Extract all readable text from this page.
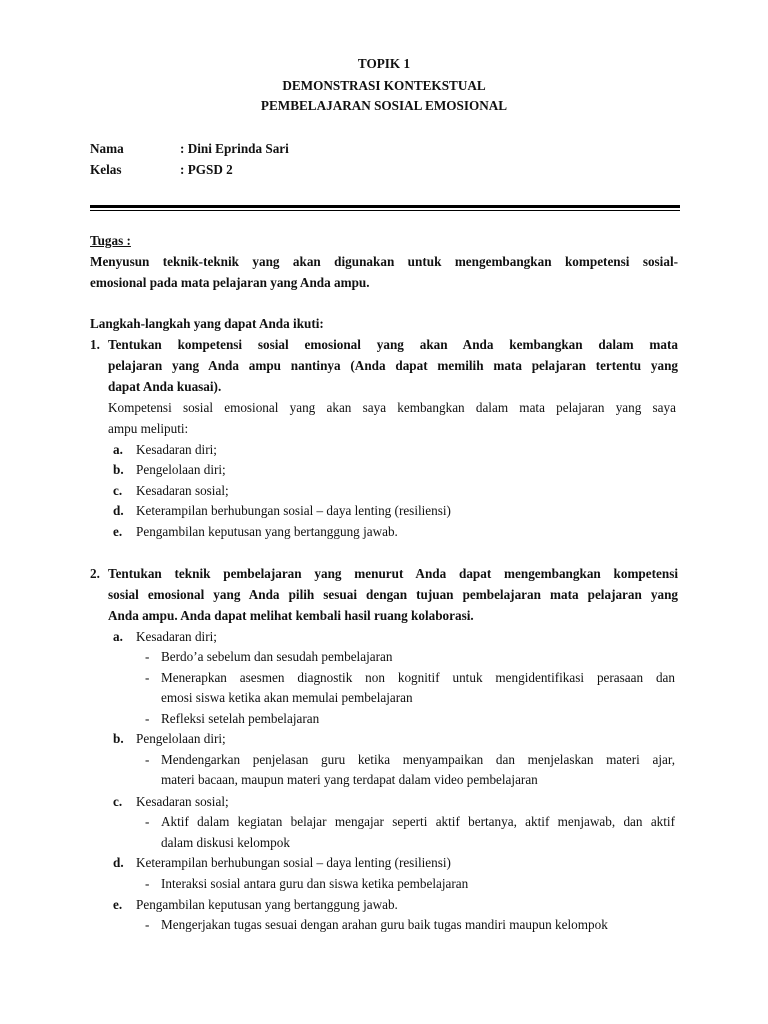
TOPIK 1
DEMONSTRASI KONTEKSTUAL
PEMBELAJARAN SOSIAL EMOSIONAL
Nama	: Dini Eprinda Sari
Kelas	: PGSD 2
Tugas :
Menyusun teknik-teknik yang akan digunakan untuk mengembangkan kompetensi sosial-
emosional pada mata pelajaran yang Anda ampu.
Langkah-langkah yang dapat Anda ikuti:
1. Tentukan kompetensi sosial emosional yang akan Anda kembangkan dalam mata
pelajaran yang Anda ampu nantinya (Anda dapat memilih mata pelajaran tertentu yang
dapat Anda kuasai).
Kompetensi sosial emosional yang akan saya kembangkan dalam mata pelajaran yang saya
ampu meliputi:
a. Kesadaran diri;
b. Pengelolaan diri;
c. Kesadaran sosial;
d. Keterampilan berhubungan sosial – daya lenting (resiliensi)
e. Pengambilan keputusan yang bertanggung jawab.
2. Tentukan teknik pembelajaran yang menurut Anda dapat mengembangkan kompetensi
sosial emosional yang Anda pilih sesuai dengan tujuan pembelajaran mata pelajaran yang
Anda ampu. Anda dapat melihat kembali hasil ruang kolaborasi.
a. Kesadaran diri;
- Berdo’a sebelum dan sesudah pembelajaran
- Menerapkan asesmen diagnostik non kognitif untuk mengidentifikasi perasaan dan
emosi siswa ketika akan memulai pembelajaran
- Refleksi setelah pembelajaran
b. Pengelolaan diri;
- Mendengarkan penjelasan guru ketika menyampaikan dan menjelaskan materi ajar,
materi bacaan, maupun materi yang terdapat dalam video pembelajaran
c. Kesadaran sosial;
- Aktif dalam kegiatan belajar mengajar seperti aktif bertanya, aktif menjawab, dan aktif
dalam diskusi kelompok
d. Keterampilan berhubungan sosial – daya lenting (resiliensi)
- Interaksi sosial antara guru dan siswa ketika pembelajaran
e. Pengambilan keputusan yang bertanggung jawab.
- Mengerjakan tugas sesuai dengan arahan guru baik tugas mandiri maupun kelompok
